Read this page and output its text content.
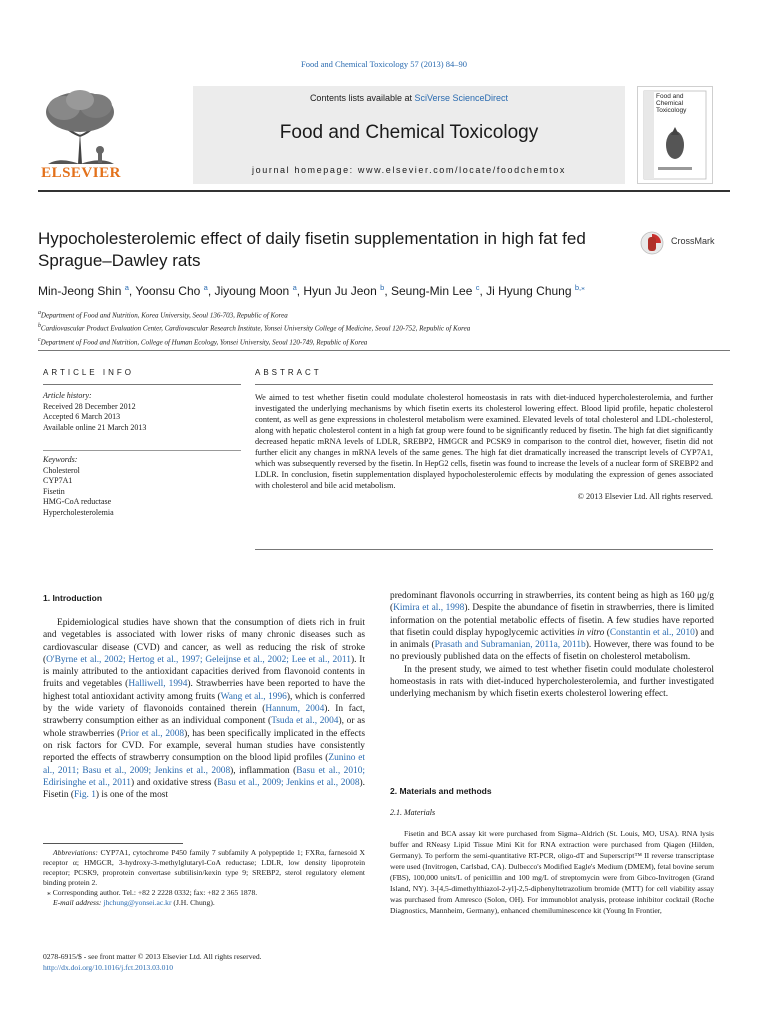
Food and Chemical Toxicology 57 (2013) 84–90
ELSEVIER
Contents lists available at SciVerse ScienceDirect
Food and Chemical Toxicology
journal homepage: www.elsevier.com/locate/foodchemtox
Food and Chemical Toxicology
Hypocholesterolemic effect of daily fisetin supplementation in high fat fed Sprague–Dawley rats
CrossMark
Min-Jeong Shin $^a$, Yoonsu Cho $^a$, Jiyoung Moon $^a$, Hyun Ju Jeon $^b$, Seung-Min Lee $^c$, Ji Hyung Chung $^{b,⁎}$
$^a$Department of Food and Nutrition, Korea University, Seoul 136-703, Republic of Korea
$^b$Cardiovascular Product Evaluation Center, Cardiovascular Research Institute, Yonsei University College of Medicine, Seoul 120-752, Republic of Korea
$^c$Department of Food and Nutrition, College of Human Ecology, Yonsei University, Seoul 120-749, Republic of Korea
ARTICLE INFO
Article history:
Received 28 December 2012
Accepted 6 March 2013
Available online 21 March 2013
Keywords:
Cholesterol
CYP7A1
Fisetin
HMG-CoA reductase
Hypercholesterolemia
ABSTRACT
We aimed to test whether fisetin could modulate cholesterol homeostasis in rats with diet-induced hypercholesterolemia, and further investigated the underlying mechanisms by which fisetin exerts its cholesterol lowering effect. Blood lipid profile, hepatic cholesterol content, as well as gene expressions in cholesterol metabolism were examined. Elevated levels of total cholesterol and LDL-cholesterol, along with hepatic cholesterol content in a high fat group were found to be significantly reduced by fisetin. The high fat diet significantly decreased hepatic mRNA levels of LDLR, SREBP2, HMGCR and PCSK9 in comparison to the control diet, however, fisetin did not further elicit any changes in mRNA levels of the same genes. The high fat diet dramatically increased the transcript levels of CYP7A1, which was subsequently reversed by the fisetin. In HepG2 cells, fisetin was found to increase the levels of a nuclear form of SREBP2 and LDLR. In conclusion, fisetin supplementation displayed hypocholesterolemic effects by modulating the expression of genes associated with cholesterol and bile acid metabolism.
© 2013 Elsevier Ltd. All rights reserved.
1. Introduction

Epidemiological studies have shown that the consumption of diets rich in fruit and vegetables is associated with lower risks of many chronic diseases such as cardiovascular disease (CVD) and cancer, as well as reducing the risk of stroke (O'Byrne et al., 2002; Hertog et al., 1997; Geleijnse et al., 2002; Lee et al., 2011). It is mainly attributed to the antioxidant capacities derived from flavonoid contents in fruits and vegetables (Halliwell, 1994). Strawberries have been reported to have the highest total antioxidant activity among fruits (Wang et al., 1996), which is conferred by the wide variety of flavonoids contained therein (Hannum, 2004). In fact, strawberry consumption either as an individual component (Tsuda et al., 2004), or as whole strawberries (Prior et al., 2008), has been specifically implicated in the effects on risk factors for CVD. For example, several human studies have consistently reported the effects of strawberry consumption on the blood lipid profiles (Zunino et al., 2011; Basu et al., 2009; Jenkins et al., 2008), inflammation (Basu et al., 2010; Edirisinghe et al., 2011) and oxidative stress (Basu et al., 2009; Jenkins et al., 2008). Fisetin (Fig. 1) is one of the most

Abbreviations: CYP7A1, cytochrome P450 family 7 subfamily A polypeptide 1; FXRα, farnesoid X receptor α; HMGCR, 3-hydroxy-3-methylglutaryl-CoA reductase; LDLR, low density lipoprotein receptor; PCSK9, proprotein convertase subtilisin/kexin type 9; SREBP2, sterol regulatory element binding protein 2.
⁎ Corresponding author. Tel.: +82 2 2228 0332; fax: +82 2 365 1878.
E-mail address: jhchung@yonsei.ac.kr (J.H. Chung).
0278-6915/$ - see front matter © 2013 Elsevier Ltd. All rights reserved.
http://dx.doi.org/10.1016/j.fct.2013.03.010

predominant flavonols occurring in strawberries, its content being as high as 160 μg/g (Kimira et al., 1998). Despite the abundance of fisetin in strawberries, there is limited information on the potential metabolic effects of fisetin. A few studies have reported that fisetin could display hypoglycemic activities in vitro (Constantin et al., 2010) and in animals (Prasath and Subramanian, 2011a, 2011b). However, there was found to be no previously published data on the effects of fisetin on cholesterol metabolism.

In the present study, we aimed to test whether fisetin could modulate cholesterol homeostasis in rats with diet-induced hypercholesterolemia, and further investigated underlying mechanism by which fisetin exerts cholesterol lowering effect.

2. Materials and methods
2.1. Materials

Fisetin and BCA assay kit were purchased from Sigma–Aldrich (St. Louis, MO, USA). RNA lysis buffer and RNeasy Lipid Tissue Mini Kit for RNA extraction were purchased from Qiagen (Hilden, Germany). To perform the semi-quantitative RT-PCR, oligo-dT and Superscript™ II reverse transcriptase were used (Invitrogen, Carlsbad, CA). Dulbecco's Modified Eagle's Medium (DMEM), fetal bovine serum (FBS), 100,000 units/L of penicillin and 100 mg/L of streptomycin were from Gibco-Invitrogen (Grand Island, NY). 3-[4,5-dimethylthiazol-2-yl]-2,5-diphenyltetrazolium bromide (MTT) for cell viability assay was purchased from Amresco (Solon, OH). For immunoblot analysis, protease inhibitor cocktail (Roche Diagnostics, Mannheim, Germany), enhanced chemiluminescence kit (Young In Frontier,
